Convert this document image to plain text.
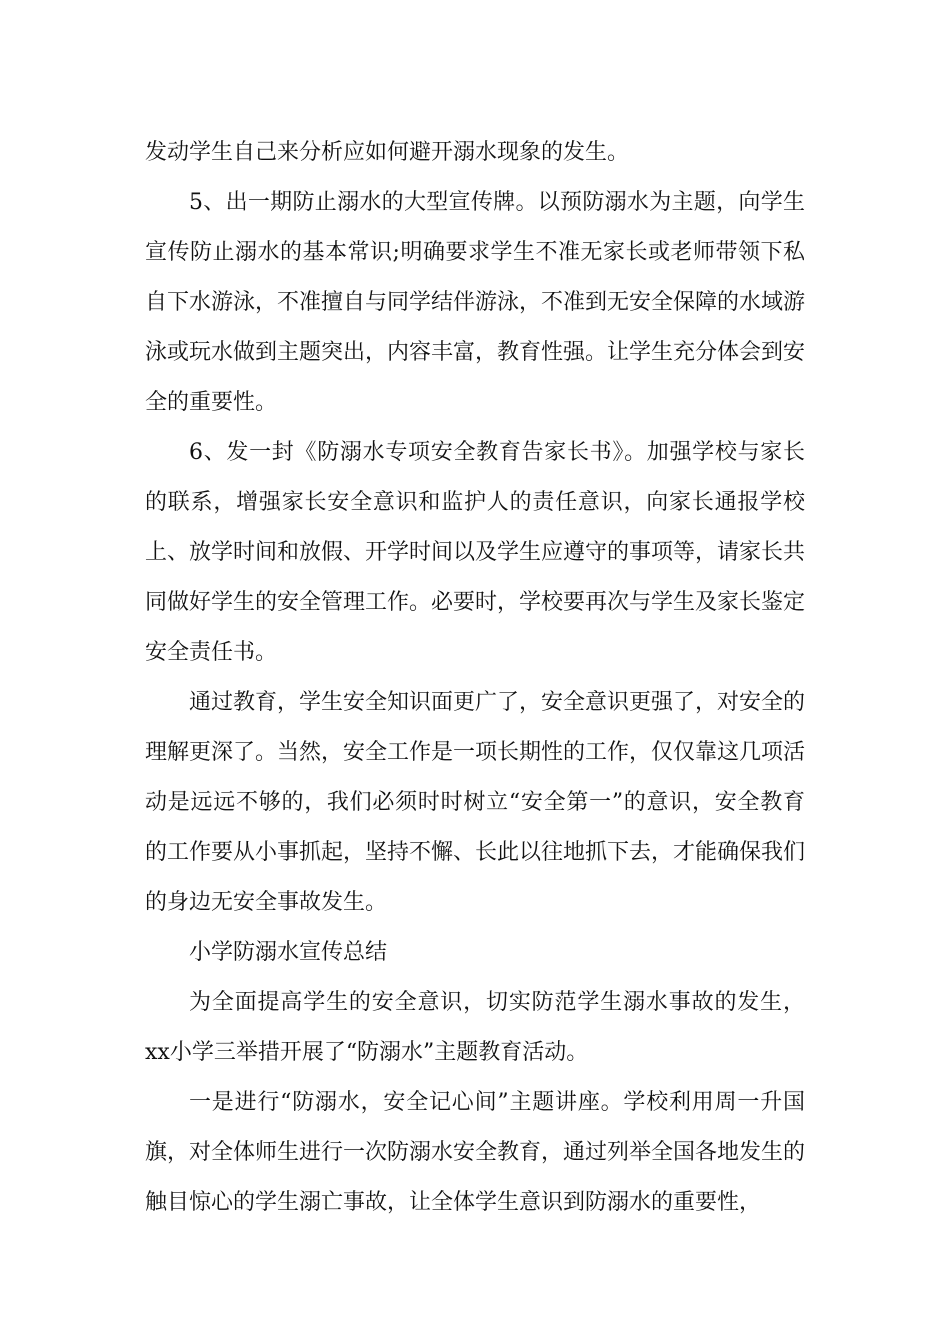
发动学生自己来分析应如何避开溺水现象的发生。

5、出一期防止溺水的大型宣传牌。以预防溺水为主题，向学生宣传防止溺水的基本常识;明确要求学生不准无家长或老师带领下私自下水游泳，不准擅自与同学结伴游泳，不准到无安全保障的水域游泳或玩水做到主题突出，内容丰富，教育性强。让学生充分体会到安全的重要性。

6、发一封《防溺水专项安全教育告家长书》。加强学校与家长的联系，增强家长安全意识和监护人的责任意识，向家长通报学校上、放学时间和放假、开学时间以及学生应遵守的事项等，请家长共同做好学生的安全管理工作。必要时，学校要再次与学生及家长鉴定安全责任书。

通过教育，学生安全知识面更广了，安全意识更强了，对安全的理解更深了。当然，安全工作是一项长期性的工作，仅仅靠这几项活动是远远不够的，我们必须时时树立“安全第一”的意识，安全教育的工作要从小事抓起，坚持不懈、长此以往地抓下去，才能确保我们的身边无安全事故发生。

小学防溺水宣传总结

为全面提高学生的安全意识，切实防范学生溺水事故的发生，xx小学三举措开展了“防溺水”主题教育活动。

一是进行“防溺水，安全记心间”主题讲座。学校利用周一升国旗，对全体师生进行一次防溺水安全教育，通过列举全国各地发生的触目惊心的学生溺亡事故，让全体学生意识到防溺水的重要性，
